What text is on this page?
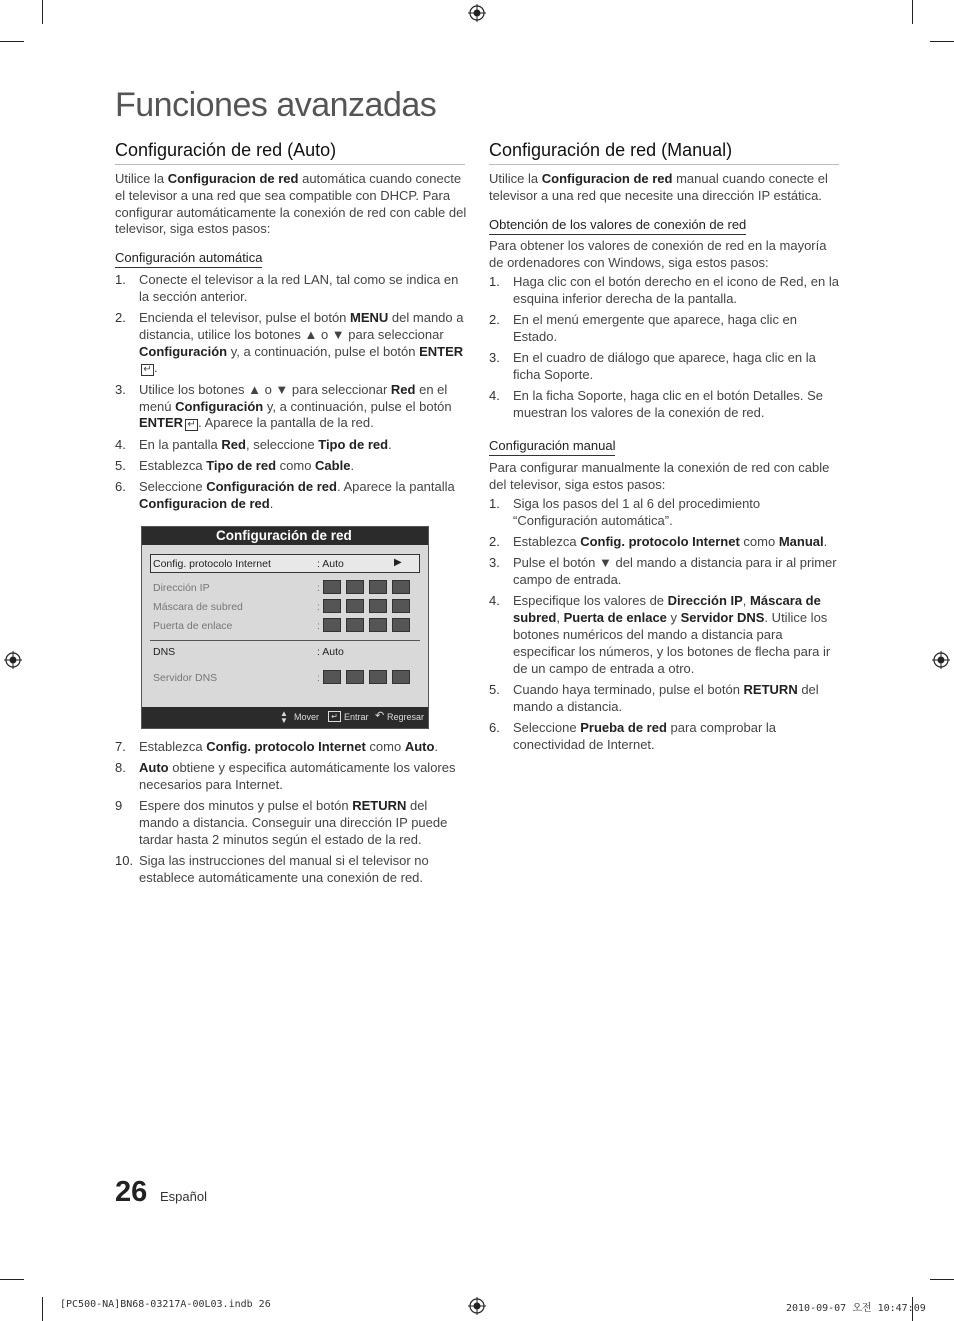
Funciones avanzadas
Configuración de red (Auto)
Utilice la Configuracion de red automática cuando conecte el televisor a una red que sea compatible con DHCP. Para configurar automáticamente la conexión de red con cable del televisor, siga estos pasos:
Configuración automática
1. Conecte el televisor a la red LAN, tal como se indica en la sección anterior.
2. Encienda el televisor, pulse el botón MENU del mando a distancia, utilice los botones ▲ o ▼ para seleccionar Configuración y, a continuación, pulse el botón ENTER↵ .
3. Utilice los botones ▲ o ▼ para seleccionar Red en el menú Configuración y, a continuación, pulse el botón ENTER ↵ . Aparece la pantalla de la red.
4. En la pantalla Red, seleccione Tipo de red.
5. Establezca Tipo de red como Cable.
6. Seleccione Configuración de red. Aparece la pantalla Configuracion de red.
Configuración de red
Config. protocolo Internet	: Auto	▶
Dirección IP	:
Máscara de subred	:
Puerta de enlace	:
DNS	: Auto
Servidor DNS	:
▲
▼ Mover	↵ Entrar ↶ Regresar
7. Establezca Config. protocolo Internet como Auto.
8. Auto obtiene y especifica automáticamente los valores necesarios para Internet.
9 Espere dos minutos y pulse el botón RETURN del mando a distancia. Conseguir una dirección IP puede tardar hasta 2 minutos según el estado de la red.
10. Siga las instrucciones del manual si el televisor no establece automáticamente una conexión de red.
Configuración de red (Manual)
Utilice la Configuracion de red manual cuando conecte el televisor a una red que necesite una dirección IP estática.
Obtención de los valores de conexión de red
Para obtener los valores de conexión de red en la mayoría de ordenadores con Windows, siga estos pasos:
1. Haga clic con el botón derecho en el icono de Red, en la esquina inferior derecha de la pantalla.
2. En el menú emergente que aparece, haga clic en Estado.
3. En el cuadro de diálogo que aparece, haga clic en la ficha Soporte.
4. En la ficha Soporte, haga clic en el botón Detalles. Se muestran los valores de la conexión de red.
Configuración manual
Para configurar manualmente la conexión de red con cable del televisor, siga estos pasos:
1. Siga los pasos del 1 al 6 del procedimiento “Configuración automática”.
2. Establezca Config. protocolo Internet como Manual.
3. Pulse el botón ▼ del mando a distancia para ir al primer campo de entrada.
4. Especifique los valores de Dirección IP, Máscara de subred, Puerta de enlace y Servidor DNS. Utilice los botones numéricos del mando a distancia para especificar los números, y los botones de flecha para ir de un campo de entrada a otro.
5. Cuando haya terminado, pulse el botón RETURN del mando a distancia.
6. Seleccione Prueba de red para comprobar la conectividad de Internet.
26 Español
[PC500-NA]BN68-03217A-00L03.indb 26	2010-09-07 오전 10:47:09
